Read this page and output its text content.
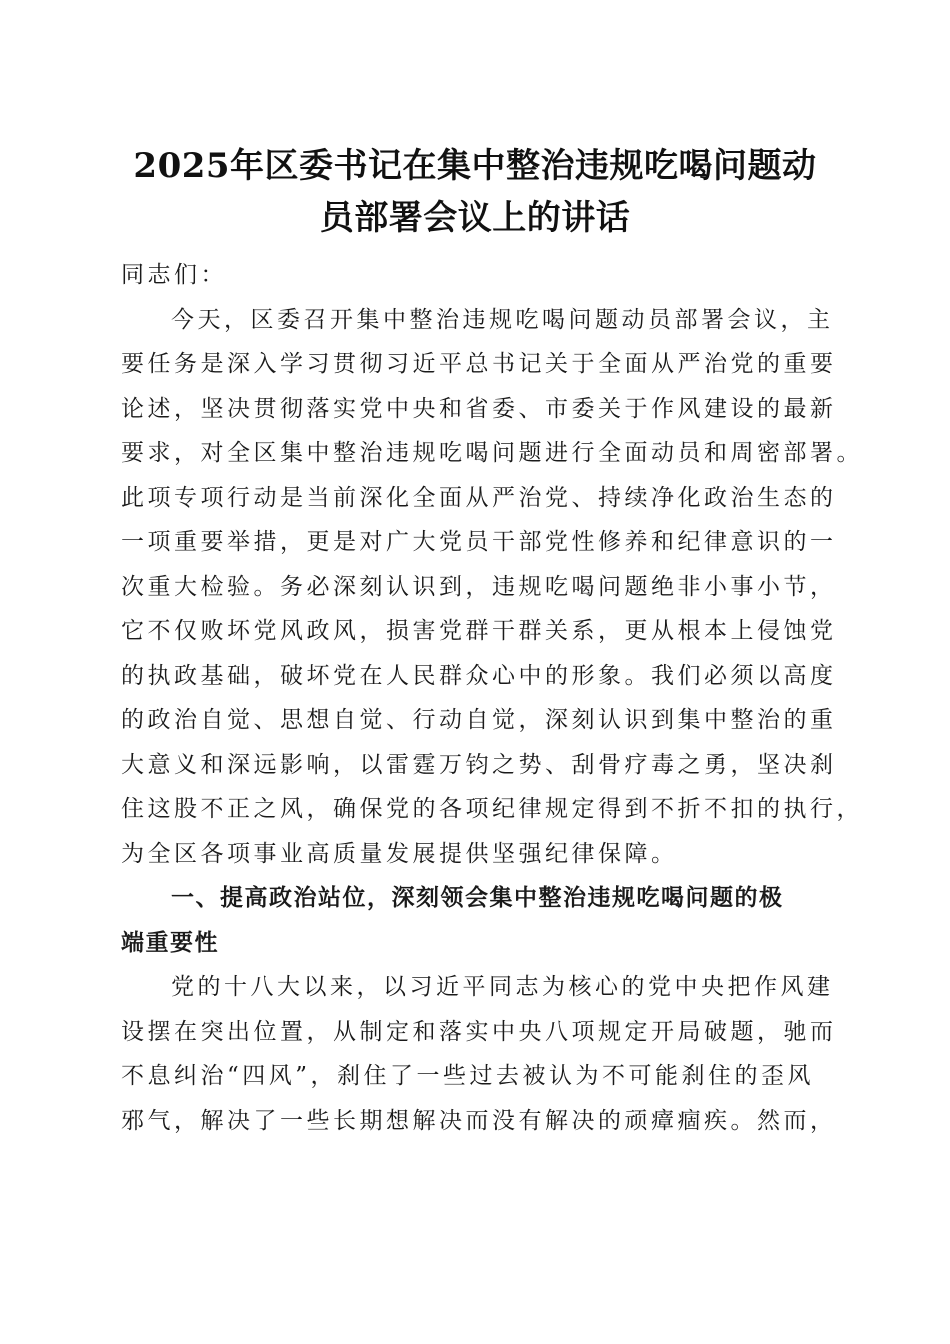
2025年区委书记在集中整治违规吃喝问题动
员部署会议上的讲话
同志们：
今天，区委召开集中整治违规吃喝问题动员部署会议，主
要任务是深入学习贯彻习近平总书记关于全面从严治党的重要
论述，坚决贯彻落实党中央和省委、市委关于作风建设的最新
要求，对全区集中整治违规吃喝问题进行全面动员和周密部署。
此项专项行动是当前深化全面从严治党、持续净化政治生态的
一项重要举措，更是对广大党员干部党性修养和纪律意识的一
次重大检验。务必深刻认识到，违规吃喝问题绝非小事小节，
它不仅败坏党风政风，损害党群干群关系，更从根本上侵蚀党
的执政基础，破坏党在人民群众心中的形象。我们必须以高度
的政治自觉、思想自觉、行动自觉，深刻认识到集中整治的重
大意义和深远影响，以雷霆万钧之势、刮骨疗毒之勇，坚决刹
住这股不正之风，确保党的各项纪律规定得到不折不扣的执行，
为全区各项事业高质量发展提供坚强纪律保障。
一、提高政治站位，深刻领会集中整治违规吃喝问题的极
端重要性
党的十八大以来，以习近平同志为核心的党中央把作风建
设摆在突出位置，从制定和落实中央八项规定开局破题，驰而
不息纠治“四风”，刹住了一些过去被认为不可能刹住的歪风
邪气，解决了一些长期想解决而没有解决的顽瘴痼疾。然而，
